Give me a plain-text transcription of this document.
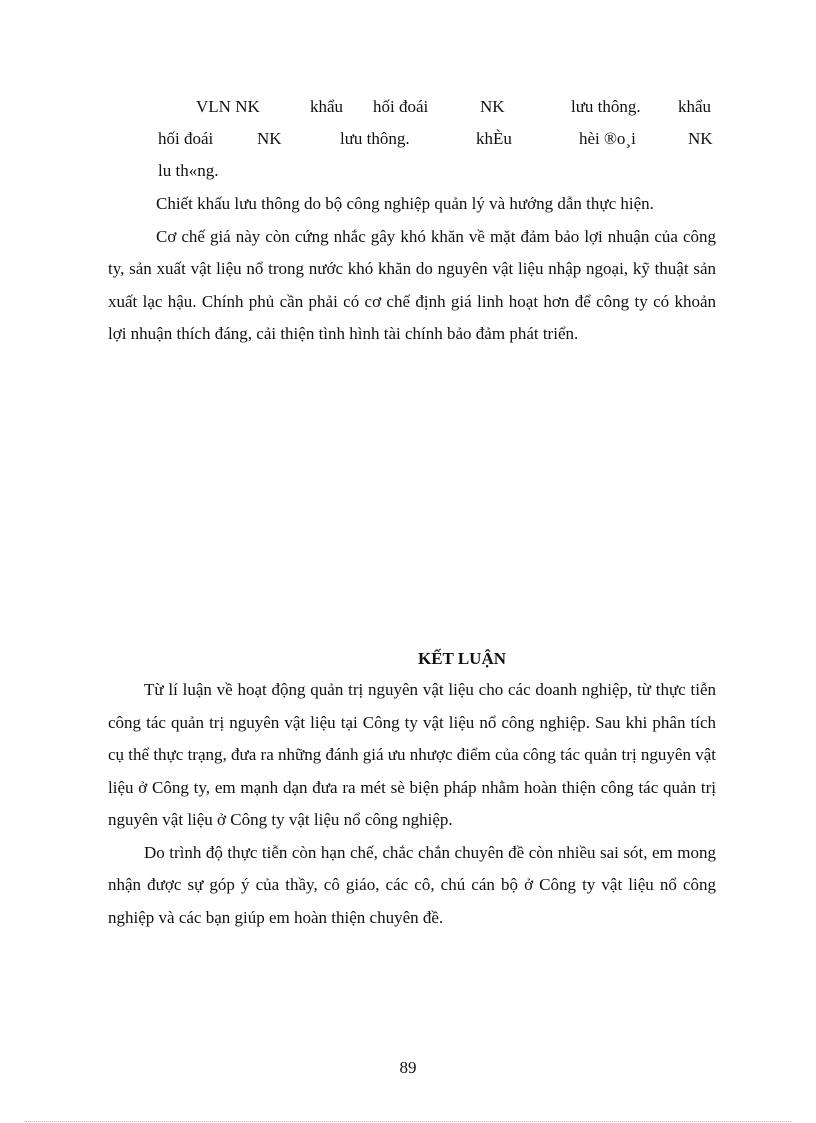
VLN NK	khẩu hối đoái	NK	lưu thông. khẩu
hối đoái	NK	lưu thông.	khÈu	hèi ®o¸i	NK
lu th«ng.

Chiết khấu lưu thông do bộ công nghiệp quản lý và hướng dẫn thực hiện.

Cơ chế giá này còn cứng nhắc gây khó khăn về mặt đảm bảo lợi nhuận của công ty, sản xuất vật liệu nổ trong nước khó khăn do nguyên vật liệu nhập ngoại, kỹ thuật sản xuất lạc hậu. Chính phủ cần phải có cơ chế định giá linh hoạt hơn để công ty có khoản lợi nhuận thích đáng, cải thiện tình hình tài chính bảo đảm phát triển.

KẾT LUẬN

Từ lí luận về hoạt động quản trị nguyên vật liệu cho các doanh nghiệp, từ thực tiễn công tác quản trị nguyên vật liệu tại Công ty vật liệu nổ công nghiệp. Sau khi phân tích cụ thể thực trạng, đưa ra những đánh giá ưu nhược điểm của công tác quản trị nguyên vật liệu ở Công ty, em mạnh dạn đưa ra mét sè biện pháp nhằm hoàn thiện công tác quản trị nguyên vật liệu ở Công ty vật liệu nổ công nghiệp.

Do trình độ thực tiễn còn hạn chế, chắc chắn chuyên đề còn nhiều sai sót, em mong nhận được sự góp ý của thầy, cô giáo, các cô, chú cán bộ ở Công ty vật liệu nổ công nghiệp và các bạn giúp em hoàn thiện chuyên đề.

89
